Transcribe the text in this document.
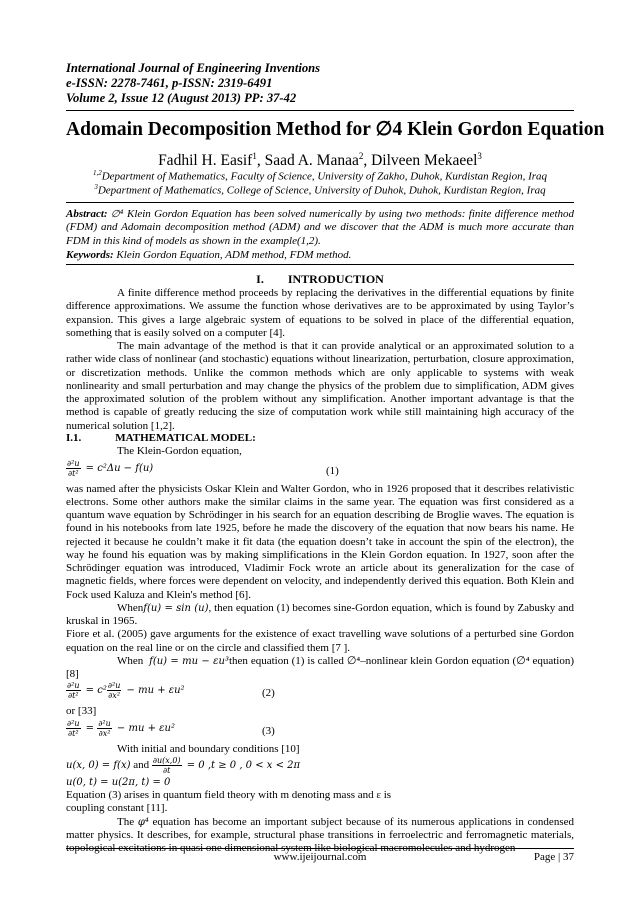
International Journal of Engineering Inventions
e-ISSN: 2278-7461, p-ISSN: 2319-6491
Volume 2, Issue 12 (August 2013) PP: 37-42
Adomain Decomposition Method for ∅4 Klein Gordon Equation
Fadhil H. Easif$^1$, Saad A. Manaa$^2$, Dilveen Mekaeel$^3$
$^{1,2}$Department of Mathematics, Faculty of Science, University of Zakho, Duhok, Kurdistan Region, Iraq
$^3$Department of Mathematics, College of Science, University of Duhok, Duhok, Kurdistan Region, Iraq
Abstract: ∅⁴ Klein Gordon Equation has been solved numerically by using two methods: finite difference method (FDM) and Adomain decomposition method (ADM) and we discover that the ADM is much more accurate than FDM in this kind of models as shown in the example(1,2).
Keywords: Klein Gordon Equation, ADM method, FDM method.
I.  INTRODUCTION

A finite difference method proceeds by replacing the derivatives in the differential equations by finite difference approximations. We assume the function whose derivatives are to be approximated by using Taylor’s expansion. This gives a large algebraic system of equations to be solved in place of the differential equation, something that is easily solved on a computer [4].

The main advantage of the method is that it can provide analytical or an approximated solution to a rather wide class of nonlinear (and stochastic) equations without linearization, perturbation, closure approximation, or discretization methods. Unlike the common methods which are only applicable to systems with weak nonlinearity and small perturbation and may change the physics of the problem due to simplification, ADM gives the approximated solution of the problem without any simplification. Another important advantage is that the method is capable of greatly reducing the size of computation work while still maintaining high accuracy of the numerical solution [1,2].

I.1.	MATHEMATICAL MODEL:
The Klein-Gordon equation,
$\frac{\text{∂²u}}{\text{∂t²}} = c^2\Delta u - f(u)$	(1)

was named after the physicists Oskar Klein and Walter Gordon, who in 1926 proposed that it describes relativistic electrons. Some other authors make the similar claims in the same year. The equation was first considered as a quantum wave equation by Schrödinger in his search for an equation describing de Broglie waves. The equation is found in his notebooks from late 1925, before he made the discovery of the equation that now bears his name. He rejected it because he couldn’t make it fit data (the equation doesn’t take in account the spin of the electron), the way he found his equation was by making simplifications in the Klein Gordon equation. In 1927, soon after the Schrödinger equation was introduced, Vladimir Fock wrote an article about its generalization for the case of magnetic fields, where forces were dependent on velocity, and independently derived this equation. Both Klein and Fock used Kaluza and Klein's method [6].

Whenf(u) = sin (u), then equation (1) becomes sine-Gordon equation, which is found by Zabusky and kruskal in 1965.

Fiore et al. (2005) gave arguments for the existence of exact travelling wave solutions of a perturbed sine Gordon equation on the real line or on the circle and classified them [7 ].

When f(u) = mu − εu³then equation (1) is called ∅⁴–nonlinear klein Gordon equation (∅⁴ equation)[8]

$\frac{\text{∂²u}}{\text{∂t²}} = c^2 \frac{\text{∂²u}}{\text{∂x²}}$ − mu + εu²	(2)
or [33]
$\frac{\text{∂²u}}{\text{∂t²}} = \frac{\text{∂²u}}{\text{∂x²}}$ − mu + εu²	(3)
With initial and boundary conditions [10]
u(x, 0) = f(x) and $\frac{\partial u(x,0)}{\partial t} = 0$ ,t ≥ 0 , 0 < x < 2π
u(0, t) = u(2π, t) = 0
Equation (3) arises in quantum field theory with m denoting mass and ε is
coupling constant [11].

The φ⁴ equation has become an important subject because of its numerous applications in condensed matter physics. It describes, for example, structural phase transitions in ferroelectric and ferromagnetic materials, topological excitations in quasi one dimensional system like biological macromolecules and hydrogen

www.ijeijournal.com	Page | 37
